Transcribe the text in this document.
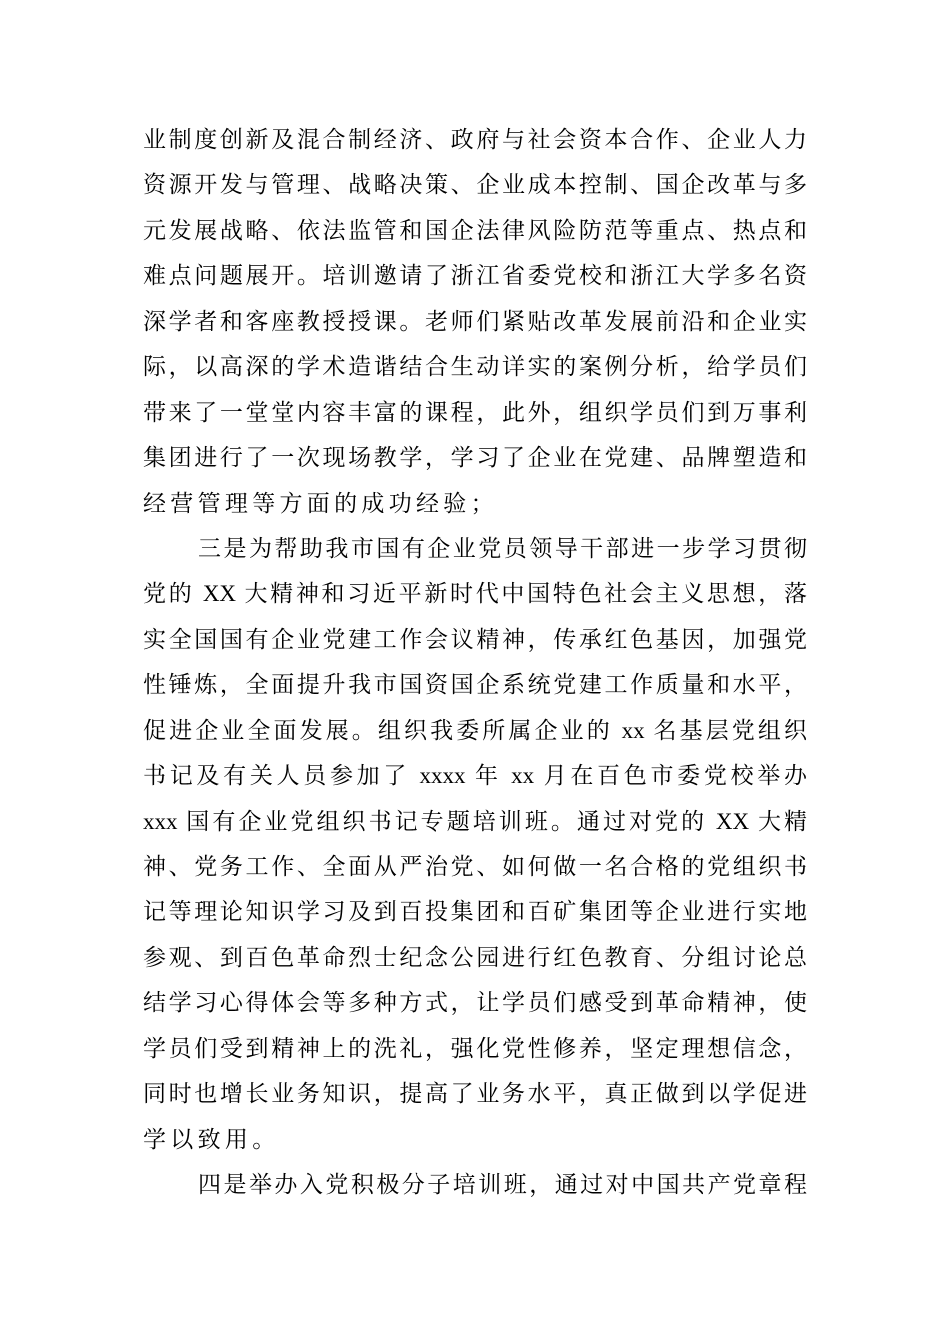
业制度创新及混合制经济、政府与社会资本合作、企业人力
资源开发与管理、战略决策、企业成本控制、国企改革与多
元发展战略、依法监管和国企法律风险防范等重点、热点和
难点问题展开。培训邀请了浙江省委党校和浙江大学多名资
深学者和客座教授授课。老师们紧贴改革发展前沿和企业实
际，以高深的学术造谐结合生动详实的案例分析，给学员们
带来了一堂堂内容丰富的课程，此外，组织学员们到万事利
集团进行了一次现场教学，学习了企业在党建、品牌塑造和
经营管理等方面的成功经验；
三是为帮助我市国有企业党员领导干部进一步学习贯彻
党的 XX 大精神和习近平新时代中国特色社会主义思想，落
实全国国有企业党建工作会议精神，传承红色基因，加强党
性锤炼，全面提升我市国资国企系统党建工作质量和水平，
促进企业全面发展。组织我委所属企业的 xx 名基层党组织
书记及有关人员参加了 xxxx 年 xx 月在百色市委党校举办
xxx 国有企业党组织书记专题培训班。通过对党的 XX 大精
神、党务工作、全面从严治党、如何做一名合格的党组织书
记等理论知识学习及到百投集团和百矿集团等企业进行实地
参观、到百色革命烈士纪念公园进行红色教育、分组讨论总
结学习心得体会等多种方式，让学员们感受到革命精神，使
学员们受到精神上的洗礼，强化党性修养，坚定理想信念，
同时也增长业务知识，提高了业务水平，真正做到以学促进
学以致用。
四是举办入党积极分子培训班，通过对中国共产党章程
